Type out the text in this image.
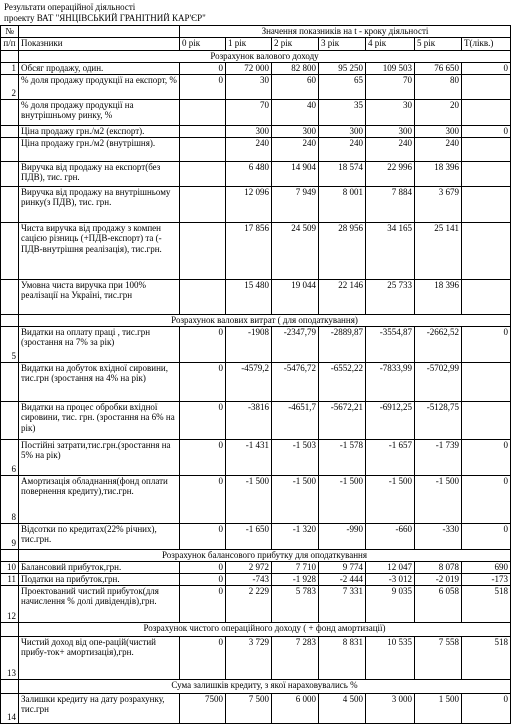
Результати операційної діяльності
проекту ВАТ "ЯНЦІВСЬКИЙ ГРАНІТНИЙ КАР'ЄР"
№		Значення показників на t - кроку діяльності						
п/п	Показники	0 рік	1 рік	2 рік	3 рік	4 рік	5 рік	Т(лікв.)
	Розрахунок валового доходу							
1	Обсяг продажу, один.	0	72 000	82 800	95 250	109 503	76 650	0
2	% доля продажу продукції на експорт, %	0	30	60	65	70	80	
	% доля продажу продукції на внутрішньому ринку, %		70	40	35	30	20	
	Ціна продажу грн./м2 (експорт).		300	300	300	300	300	0
	Ціна продажу грн./м2 (внутрішня).		240	240	240	240	240	
	Виручка від продажу на експорт(без ПДВ), тис. грн.		6 480	14 904	18 574	22 996	18 396	
	Виручка від продажу на внутрішньому ринку(з ПДВ), тис. грн.		12 096	7 949	8 001	7 884	3 679	
	Чиста виручка від продажу з компен сацією різниць (+ПДВ-експорт) та (- ПДВ-внутрішня реалізація), тис.грн.		17 856	24 509	28 956	34 165	25 141	
	Умовна чиста виручка при 100% реалізації на Україні, тис.грн		15 480	19 044	22 146	25 733	18 396	
	Розрахунок валових витрат ( для оподаткування)							
5	Видатки на оплату праці , тис.грн (зростання на 7% за рік)	0	-1908	-2347,79	-2889,87	-3554,87	-2662,52	0
	Видатки на добуток вхідної сировини, тис.грн (зростання на 4% на рік)	0	-4579,2	-5476,72	-6552,22	-7833,99	-5702,99	
	Видатки на процес обробки вхідної сировини, тис. грн. (зростання на 6% на рік)	0	-3816	-4651,7	-5672,21	-6912,25	-5128,75	
6	Постійні затрати,тис.грн.(зростання на 5% на рік)	0	-1 431	-1 503	-1 578	-1 657	-1 739	0
8	Амортизація обладнання(фонд оплати повернення кредиту),тис.грн.	0	-1 500	-1 500	-1 500	-1 500	-1 500	0
9	Відсотки по кредитах(22% річних), тис.грн.	0	-1 650	-1 320	-990	-660	-330	0
	Розрахунок балансового прибутку для оподаткування							
10	Балансовий прибуток,грн.	0	2 972	7 710	9 774	12 047	8 078	690
11	Податки на прибуток,грн.	0	-743	-1 928	-2 444	-3 012	-2 019	-173
12	Проектований чистий прибуток(для начислення % долі дивідендів),грн.	0	2 229	5 783	7 331	9 035	6 058	518
	Розрахунок чистого операційного доходу ( + фонд амортизації)							
13	Чистий доход від опе-рацій(чистий прибу-ток+ амортизація),грн.	0	3 729	7 283	8 831	10 535	7 558	518
	Сума залишків кредиту, з якої нараховувались %							
14	Залишки кредиту на дату розрахунку, тис.грн	7500	7 500	6 000	4 500	3 000	1 500	0
